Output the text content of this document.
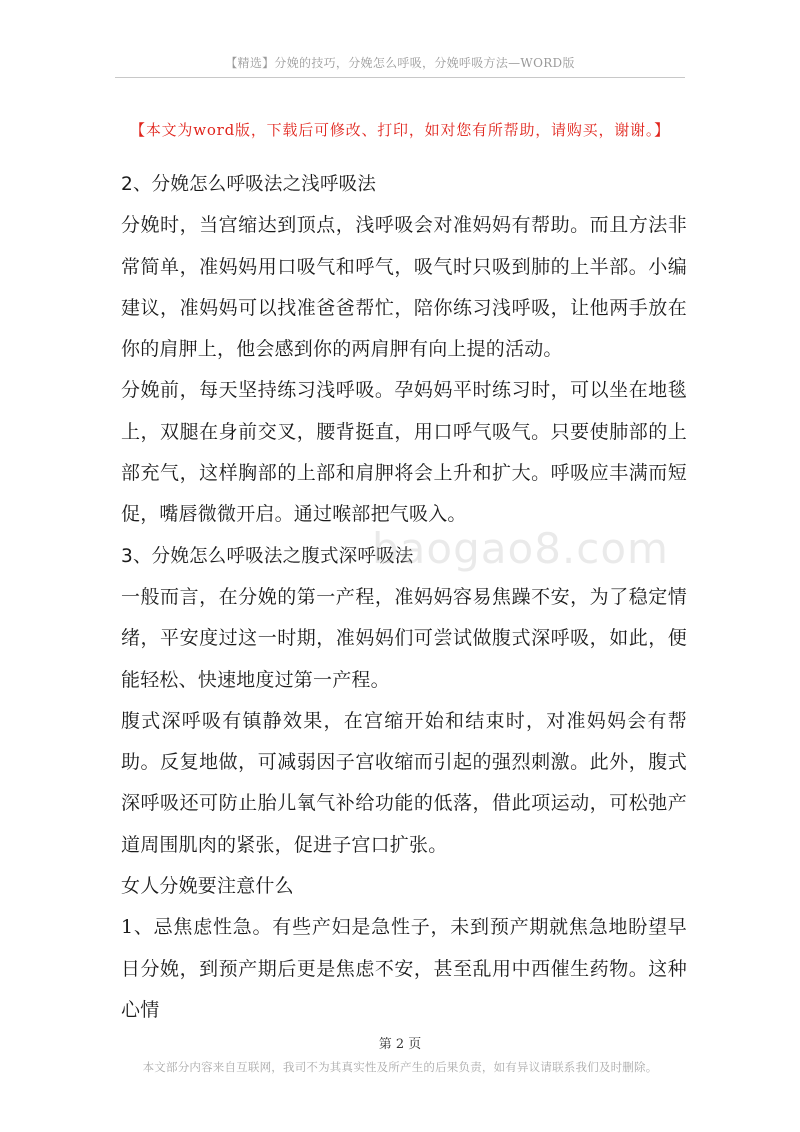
【精选】分娩的技巧，分娩怎么呼吸，分娩呼吸方法—WORD版
【本文为word版，下载后可修改、打印，如对您有所帮助，请购买，谢谢。】

2、分娩怎么呼吸法之浅呼吸法

分娩时，当宫缩达到顶点，浅呼吸会对准妈妈有帮助。而且方法非常简单，准妈妈用口吸气和呼气，吸气时只吸到肺的上半部。小编建议，准妈妈可以找准爸爸帮忙，陪你练习浅呼吸，让他两手放在你的肩胛上，他会感到你的两肩胛有向上提的活动。

分娩前，每天坚持练习浅呼吸。孕妈妈平时练习时，可以坐在地毯上，双腿在身前交叉，腰背挺直，用口呼气吸气。只要使肺部的上部充气，这样胸部的上部和肩胛将会上升和扩大。呼吸应丰满而短促，嘴唇微微开启。通过喉部把气吸入。

3、分娩怎么呼吸法之腹式深呼吸法

一般而言，在分娩的第一产程，准妈妈容易焦躁不安，为了稳定情绪，平安度过这一时期，准妈妈们可尝试做腹式深呼吸，如此，便能轻松、快速地度过第一产程。

腹式深呼吸有镇静效果，在宫缩开始和结束时，对准妈妈会有帮助。反复地做，可减弱因子宫收缩而引起的强烈刺激。此外，腹式深呼吸还可防止胎儿氧气补给功能的低落，借此项运动，可松弛产道周围肌肉的紧张，促进子宫口扩张。

女人分娩要注意什么

1、忌焦虑性急。有些产妇是急性子，未到预产期就焦急地盼望早日分娩，到预产期后更是焦虑不安，甚至乱用中西催生药物。这种心情

baogao8.com
第 2 页
本文部分内容来自互联网，我司不为其真实性及所产生的后果负责，如有异议请联系我们及时删除。
